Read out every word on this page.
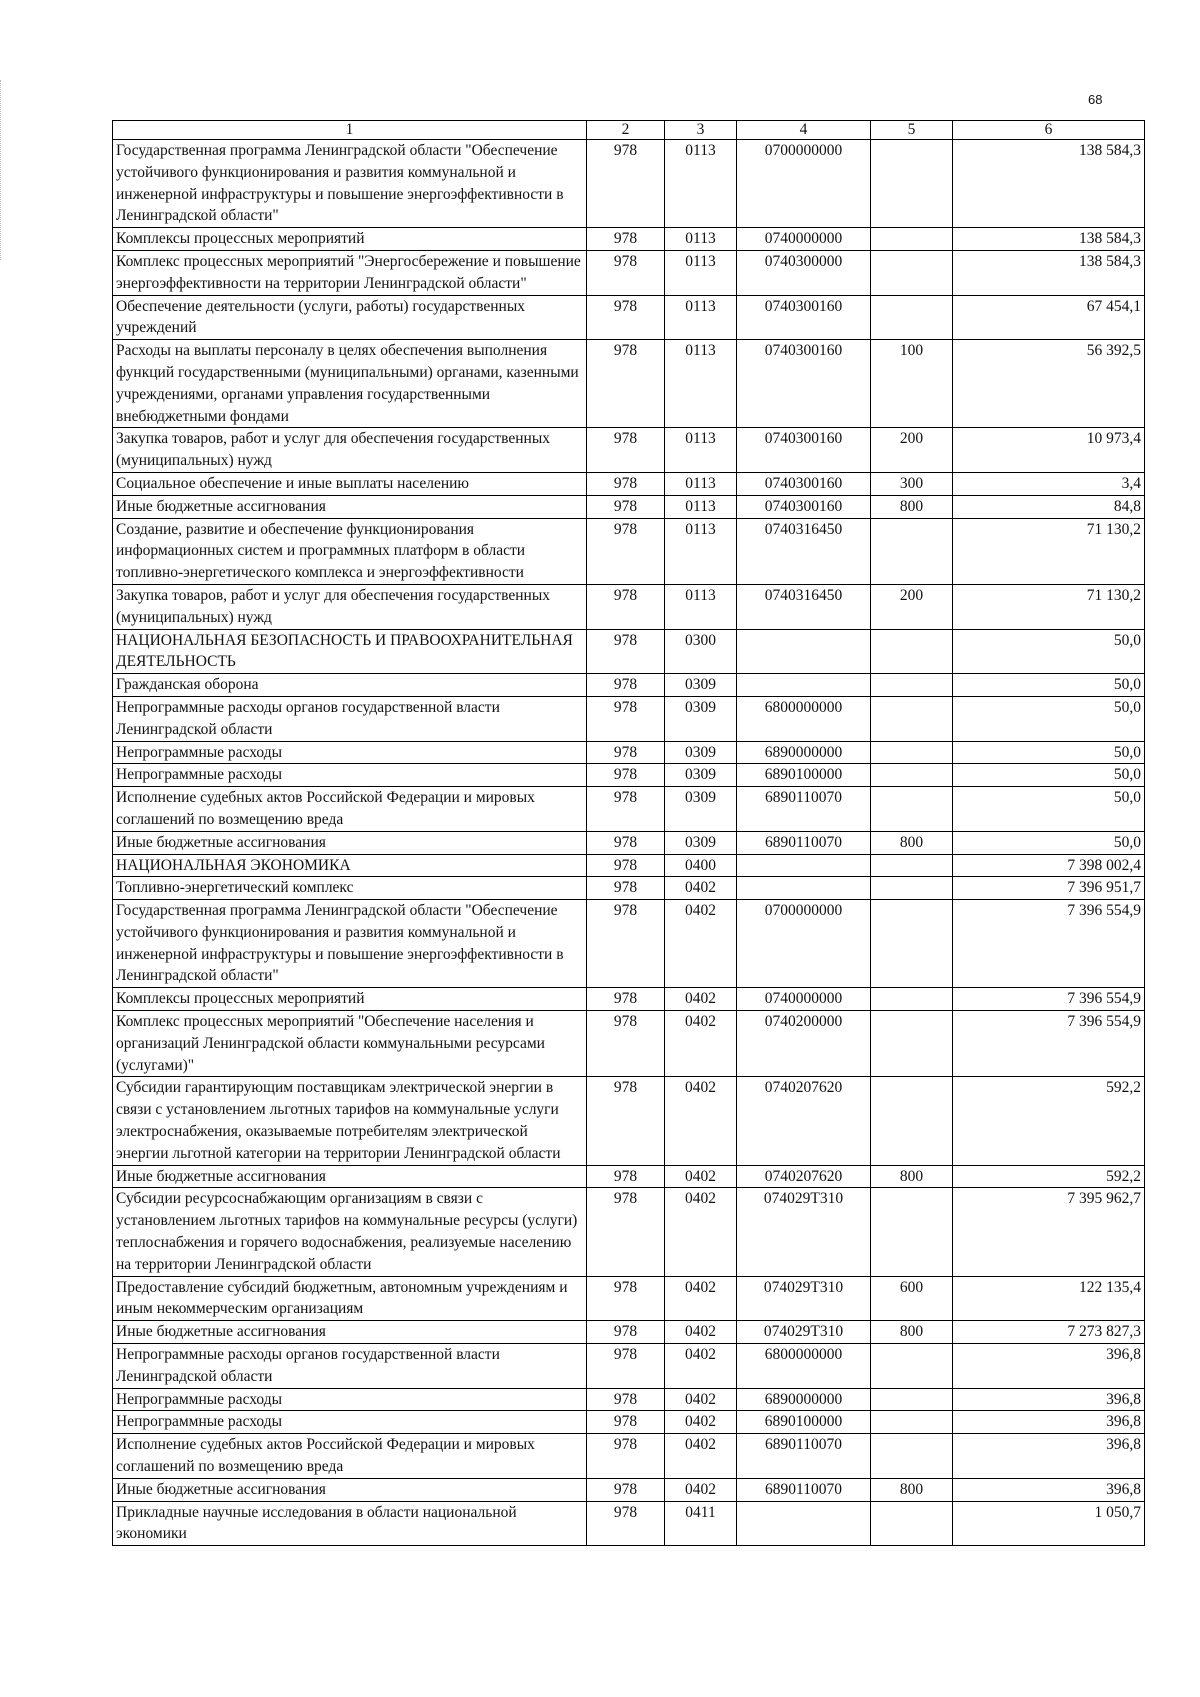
68
1	2	3	4	5	6
Государственная программа Ленинградской области "Обеспечение устойчивого функционирования и развития коммунальной и инженерной инфраструктуры и повышение энергоэффективности в Ленинградской области"	978	0113	0700000000		138 584,3
Комплексы процессных мероприятий	978	0113	0740000000		138 584,3
Комплекс процессных мероприятий "Энергосбережение и повышение энергоэффективности на территории Ленинградской области"	978	0113	0740300000		138 584,3
Обеспечение деятельности (услуги, работы) государственных учреждений	978	0113	0740300160		67 454,1
Расходы на выплаты персоналу в целях обеспечения выполнения функций государственными (муниципальными) органами, казенными учреждениями, органами управления государственными внебюджетными фондами	978	0113	0740300160	100	56 392,5
Закупка товаров, работ и услуг для обеспечения государственных (муниципальных) нужд	978	0113	0740300160	200	10 973,4
Социальное обеспечение и иные выплаты населению	978	0113	0740300160	300	3,4
Иные бюджетные ассигнования	978	0113	0740300160	800	84,8
Создание, развитие и обеспечение функционирования информационных систем и программных платформ в области топливно-энергетического комплекса и энергоэффективности	978	0113	0740316450		71 130,2
Закупка товаров, работ и услуг для обеспечения государственных (муниципальных) нужд	978	0113	0740316450	200	71 130,2
НАЦИОНАЛЬНАЯ БЕЗОПАСНОСТЬ И ПРАВООХРАНИТЕЛЬНАЯ ДЕЯТЕЛЬНОСТЬ	978	0300			50,0
Гражданская оборона	978	0309			50,0
Непрограммные расходы органов государственной власти Ленинградской области	978	0309	6800000000		50,0
Непрограммные расходы	978	0309	6890000000		50,0
Непрограммные расходы	978	0309	6890100000		50,0
Исполнение судебных актов Российской Федерации и мировых соглашений по возмещению вреда	978	0309	6890110070		50,0
Иные бюджетные ассигнования	978	0309	6890110070	800	50,0
НАЦИОНАЛЬНАЯ ЭКОНОМИКА	978	0400			7 398 002,4
Топливно-энергетический комплекс	978	0402			7 396 951,7
Государственная программа Ленинградской области "Обеспечение устойчивого функционирования и развития коммунальной и инженерной инфраструктуры и повышение энергоэффективности в Ленинградской области"	978	0402	0700000000		7 396 554,9
Комплексы процессных мероприятий	978	0402	0740000000		7 396 554,9
Комплекс процессных мероприятий "Обеспечение населения и организаций Ленинградской области коммунальными ресурсами (услугами)"	978	0402	0740200000		7 396 554,9
Субсидии гарантирующим поставщикам электрической энергии в связи с установлением льготных тарифов на коммунальные услуги электроснабжения, оказываемые потребителям электрической энергии льготной категории на территории Ленинградской области	978	0402	0740207620		592,2
Иные бюджетные ассигнования	978	0402	0740207620	800	592,2
Субсидии ресурсоснабжающим организациям в связи с установлением льготных тарифов на коммунальные ресурсы (услуги) теплоснабжения и горячего водоснабжения, реализуемые населению на территории Ленинградской области	978	0402	074029Т310		7 395 962,7
Предоставление субсидий бюджетным, автономным учреждениям и иным некоммерческим организациям	978	0402	074029Т310	600	122 135,4
Иные бюджетные ассигнования	978	0402	074029Т310	800	7 273 827,3
Непрограммные расходы органов государственной власти Ленинградской области	978	0402	6800000000		396,8
Непрограммные расходы	978	0402	6890000000		396,8
Непрограммные расходы	978	0402	6890100000		396,8
Исполнение судебных актов Российской Федерации и мировых соглашений по возмещению вреда	978	0402	6890110070		396,8
Иные бюджетные ассигнования	978	0402	6890110070	800	396,8
Прикладные научные исследования в области национальной экономики	978	0411			1 050,7
